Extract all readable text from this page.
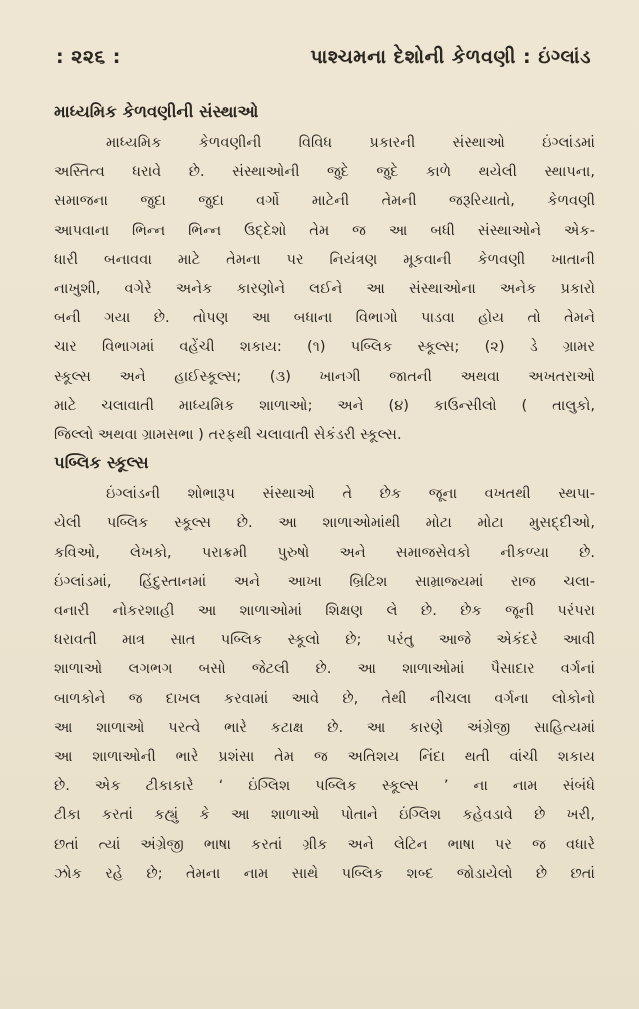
: ૨૨૬ :	પાશ્ચમના દેશોની કેળવણી : ઇંગ્લાંડ
માધ્યમિક કેળવણીની સંસ્થાઓ

માધ્યમિક કેળવણીની વિવિધ પ્રકારની સંસ્થાઓ ઇંગ્લાંડમાં
અસ્તિત્વ ધરાવે છે. સંસ્થાઓની જુદે જુદે કાળે થયેલી સ્થાપના,
સમાજના જુદા જુદા વર્ગો માટેની તેમની જરૂરિયાતો, કેળવણી
આપવાના ભિન્ન ભિન્ન ઉદ્દેશો તેમ જ આ બધી સંસ્થાઓને એક-
ધારી બનાવવા માટે તેમના પર નિયંત્રણ મૂકવાની કેળવણી ખાતાની
નાખુશી, વગેરે અનેક કારણોને લઈને આ સંસ્થાઓના અનેક પ્રકારો
બની ગયા છે. તોપણ આ બધાના વિભાગો પાડવા હોય તો તેમને
ચાર વિભાગમાં વહેંચી શકાય: (૧) પબ્લિક સ્કૂલ્સ; (૨) ડે ગ્રામર
સ્કૂલ્સ અને હાઈસ્કૂલ્સ; (૩) ખાનગી જાતની અથવા અખતરાઓ
માટે ચલાવાતી માધ્યમિક શાળાઓ; અને (૪) કાઉન્સીલો ( તાલુકો,
જિલ્લો અથવા ગ્રામસભા ) તરફથી ચલાવાતી સેકંડરી સ્કૂલ્સ.

પબ્લિક સ્કૂલ્સ

ઇંગ્લાંડની શોભારૂપ સંસ્થાઓ તે છેક જૂના વખતથી સ્થપા-
યેલી પબ્લિક સ્કૂલ્સ છે. આ શાળાઓમાંથી મોટા મોટા મુસદ્દીઓ,
કવિઓ, લેખકો, પરાક્રમી પુરુષો અને સમાજસેવકો નીકળ્યા છે.
ઇંગ્લાંડમાં, હિંદુસ્તાનમાં અને આખા બ્રિટિશ સામ્રાજ્યમાં રાજ ચલા-
વનારી નોકરશાહી આ શાળાઓમાં શિક્ષણ લે છે. છેક જૂની પરંપરા
ધરાવતી માત્ર સાત પબ્લિક સ્કૂલો છે; પરંતુ આજે એકંદરે આવી
શાળાઓ લગભગ બસો જેટલી છે. આ શાળાઓમાં પૈસાદાર વર્ગનાં
બાળકોને જ દાખલ કરવામાં આવે છે, તેથી નીચલા વર્ગના લોકોનો
આ શાળાઓ પરત્વે ભારે કટાક્ષ છે. આ કારણે અંગ્રેજી સાહિત્યમાં
આ શાળાઓની ભારે પ્રશંસા તેમ જ અતિશય નિંદા થતી વાંચી શકાય
છે. એક ટીકાકારે ‘ ઇંગ્લિશ પબ્લિક સ્કૂલ્સ ’ ના નામ સંબંધે
ટીકા કરતાં કહ્યું કે આ શાળાઓ પોતાને ઇંગ્લિશ કહેવડાવે છે ખરી,
છતાં ત્યાં અંગ્રેજી ભાષા કરતાં ગ્રીક અને લેટિન ભાષા પર જ વધારે
ઝોક રહે છે; તેમના નામ સાથે પબ્લિક શબ્દ જોડાયેલો છે છતાં
